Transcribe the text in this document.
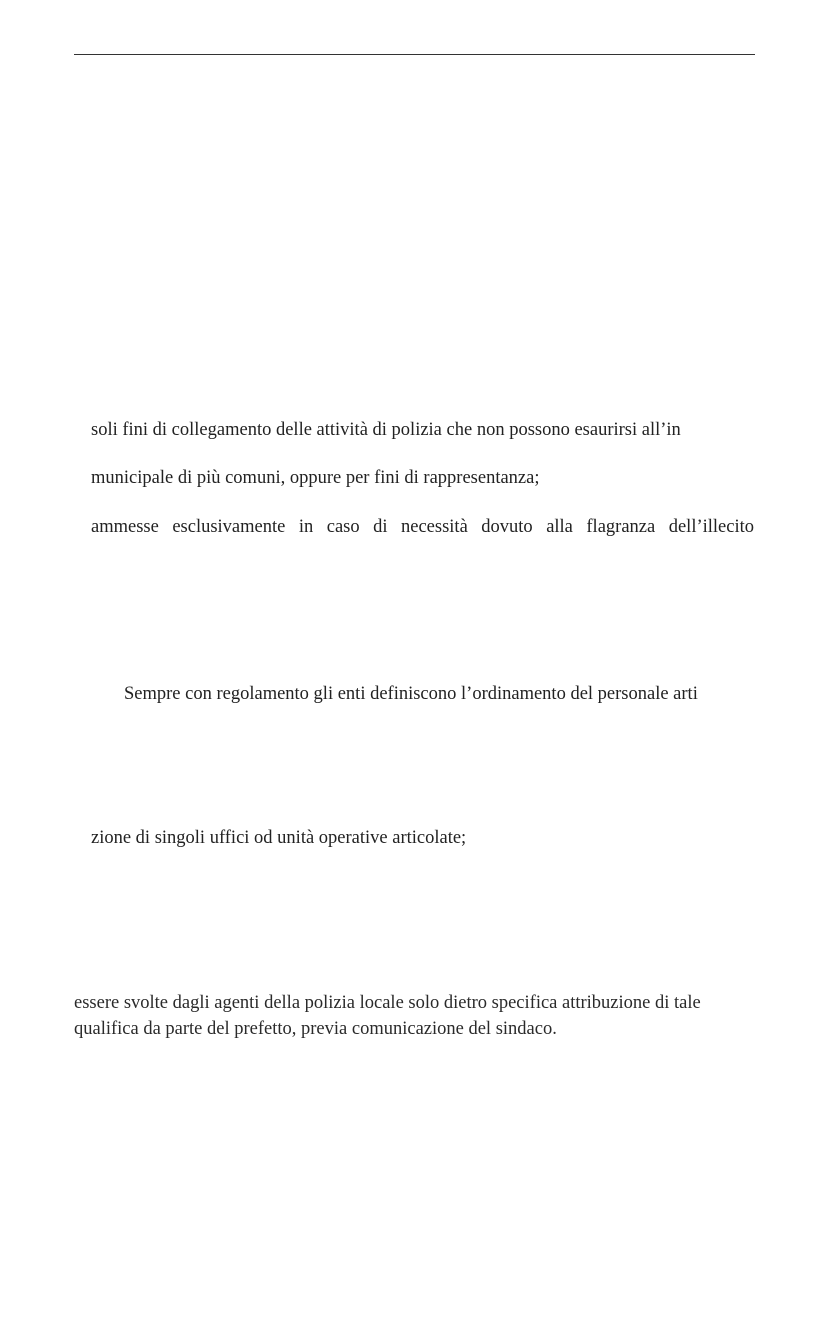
soli fini di collegamento delle attività di polizia che non possono esaurirsi all’in

municipale di più comuni, oppure per fini di rappresentanza;

ammesse esclusivamente in caso di necessità dovuto alla flagranza dell’illecito

Sempre con regolamento gli enti definiscono l’ordinamento del personale arti

zione di singoli uffici od unità operative articolate;

essere svolte dagli agenti della polizia locale solo dietro specifica attribuzione di tale
qualifica da parte del prefetto, previa comunicazione del sindaco.
